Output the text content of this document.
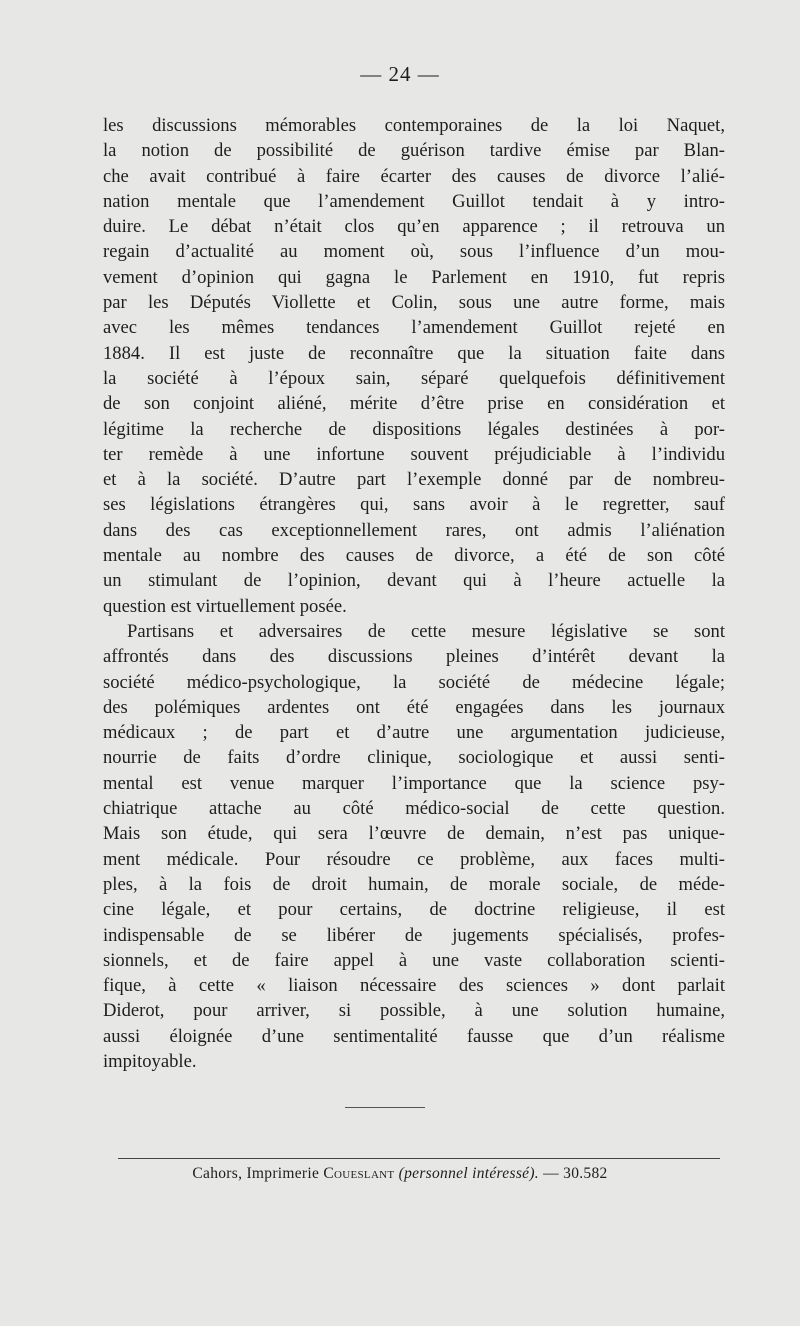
— 24 —
les discussions mémorables contemporaines de la loi Naquet,
la notion de possibilité de guérison tardive émise par Blan-
che avait contribué à faire écarter des causes de divorce l’alié-
nation mentale que l’amendement Guillot tendait à y intro-
duire. Le débat n’était clos qu’en apparence ; il retrouva un
regain d’actualité au moment où, sous l’influence d’un mou-
vement d’opinion qui gagna le Parlement en 1910, fut repris
par les Députés Viollette et Colin, sous une autre forme, mais
avec les mêmes tendances l’amendement Guillot rejeté en
1884. Il est juste de reconnaître que la situation faite dans
la société à l’époux sain, séparé quelquefois définitivement
de son conjoint aliéné, mérite d’être prise en considération et
légitime la recherche de dispositions légales destinées à por-
ter remède à une infortune souvent préjudiciable à l’individu
et à la société. D’autre part l’exemple donné par de nombreu-
ses législations étrangères qui, sans avoir à le regretter, sauf
dans des cas exceptionnellement rares, ont admis l’aliénation
mentale au nombre des causes de divorce, a été de son côté
un stimulant de l’opinion, devant qui à l’heure actuelle la
question est virtuellement posée.
Partisans et adversaires de cette mesure législative se sont
affrontés dans des discussions pleines d’intérêt devant la
société médico-psychologique, la société de médecine légale;
des polémiques ardentes ont été engagées dans les journaux
médicaux ; de part et d’autre une argumentation judicieuse,
nourrie de faits d’ordre clinique, sociologique et aussi senti-
mental est venue marquer l’importance que la science psy-
chiatrique attache au côté médico-social de cette question.
Mais son étude, qui sera l’œuvre de demain, n’est pas unique-
ment médicale. Pour résoudre ce problème, aux faces multi-
ples, à la fois de droit humain, de morale sociale, de méde-
cine légale, et pour certains, de doctrine religieuse, il est
indispensable de se libérer de jugements spécialisés, profes-
sionnels, et de faire appel à une vaste collaboration scienti-
fique, à cette « liaison nécessaire des sciences » dont parlait
Diderot, pour arriver, si possible, à une solution humaine,
aussi éloignée d’une sentimentalité fausse que d’un réalisme
impitoyable.
Cahors, Imprimerie Coueslant (personnel intéressé). — 30.582
